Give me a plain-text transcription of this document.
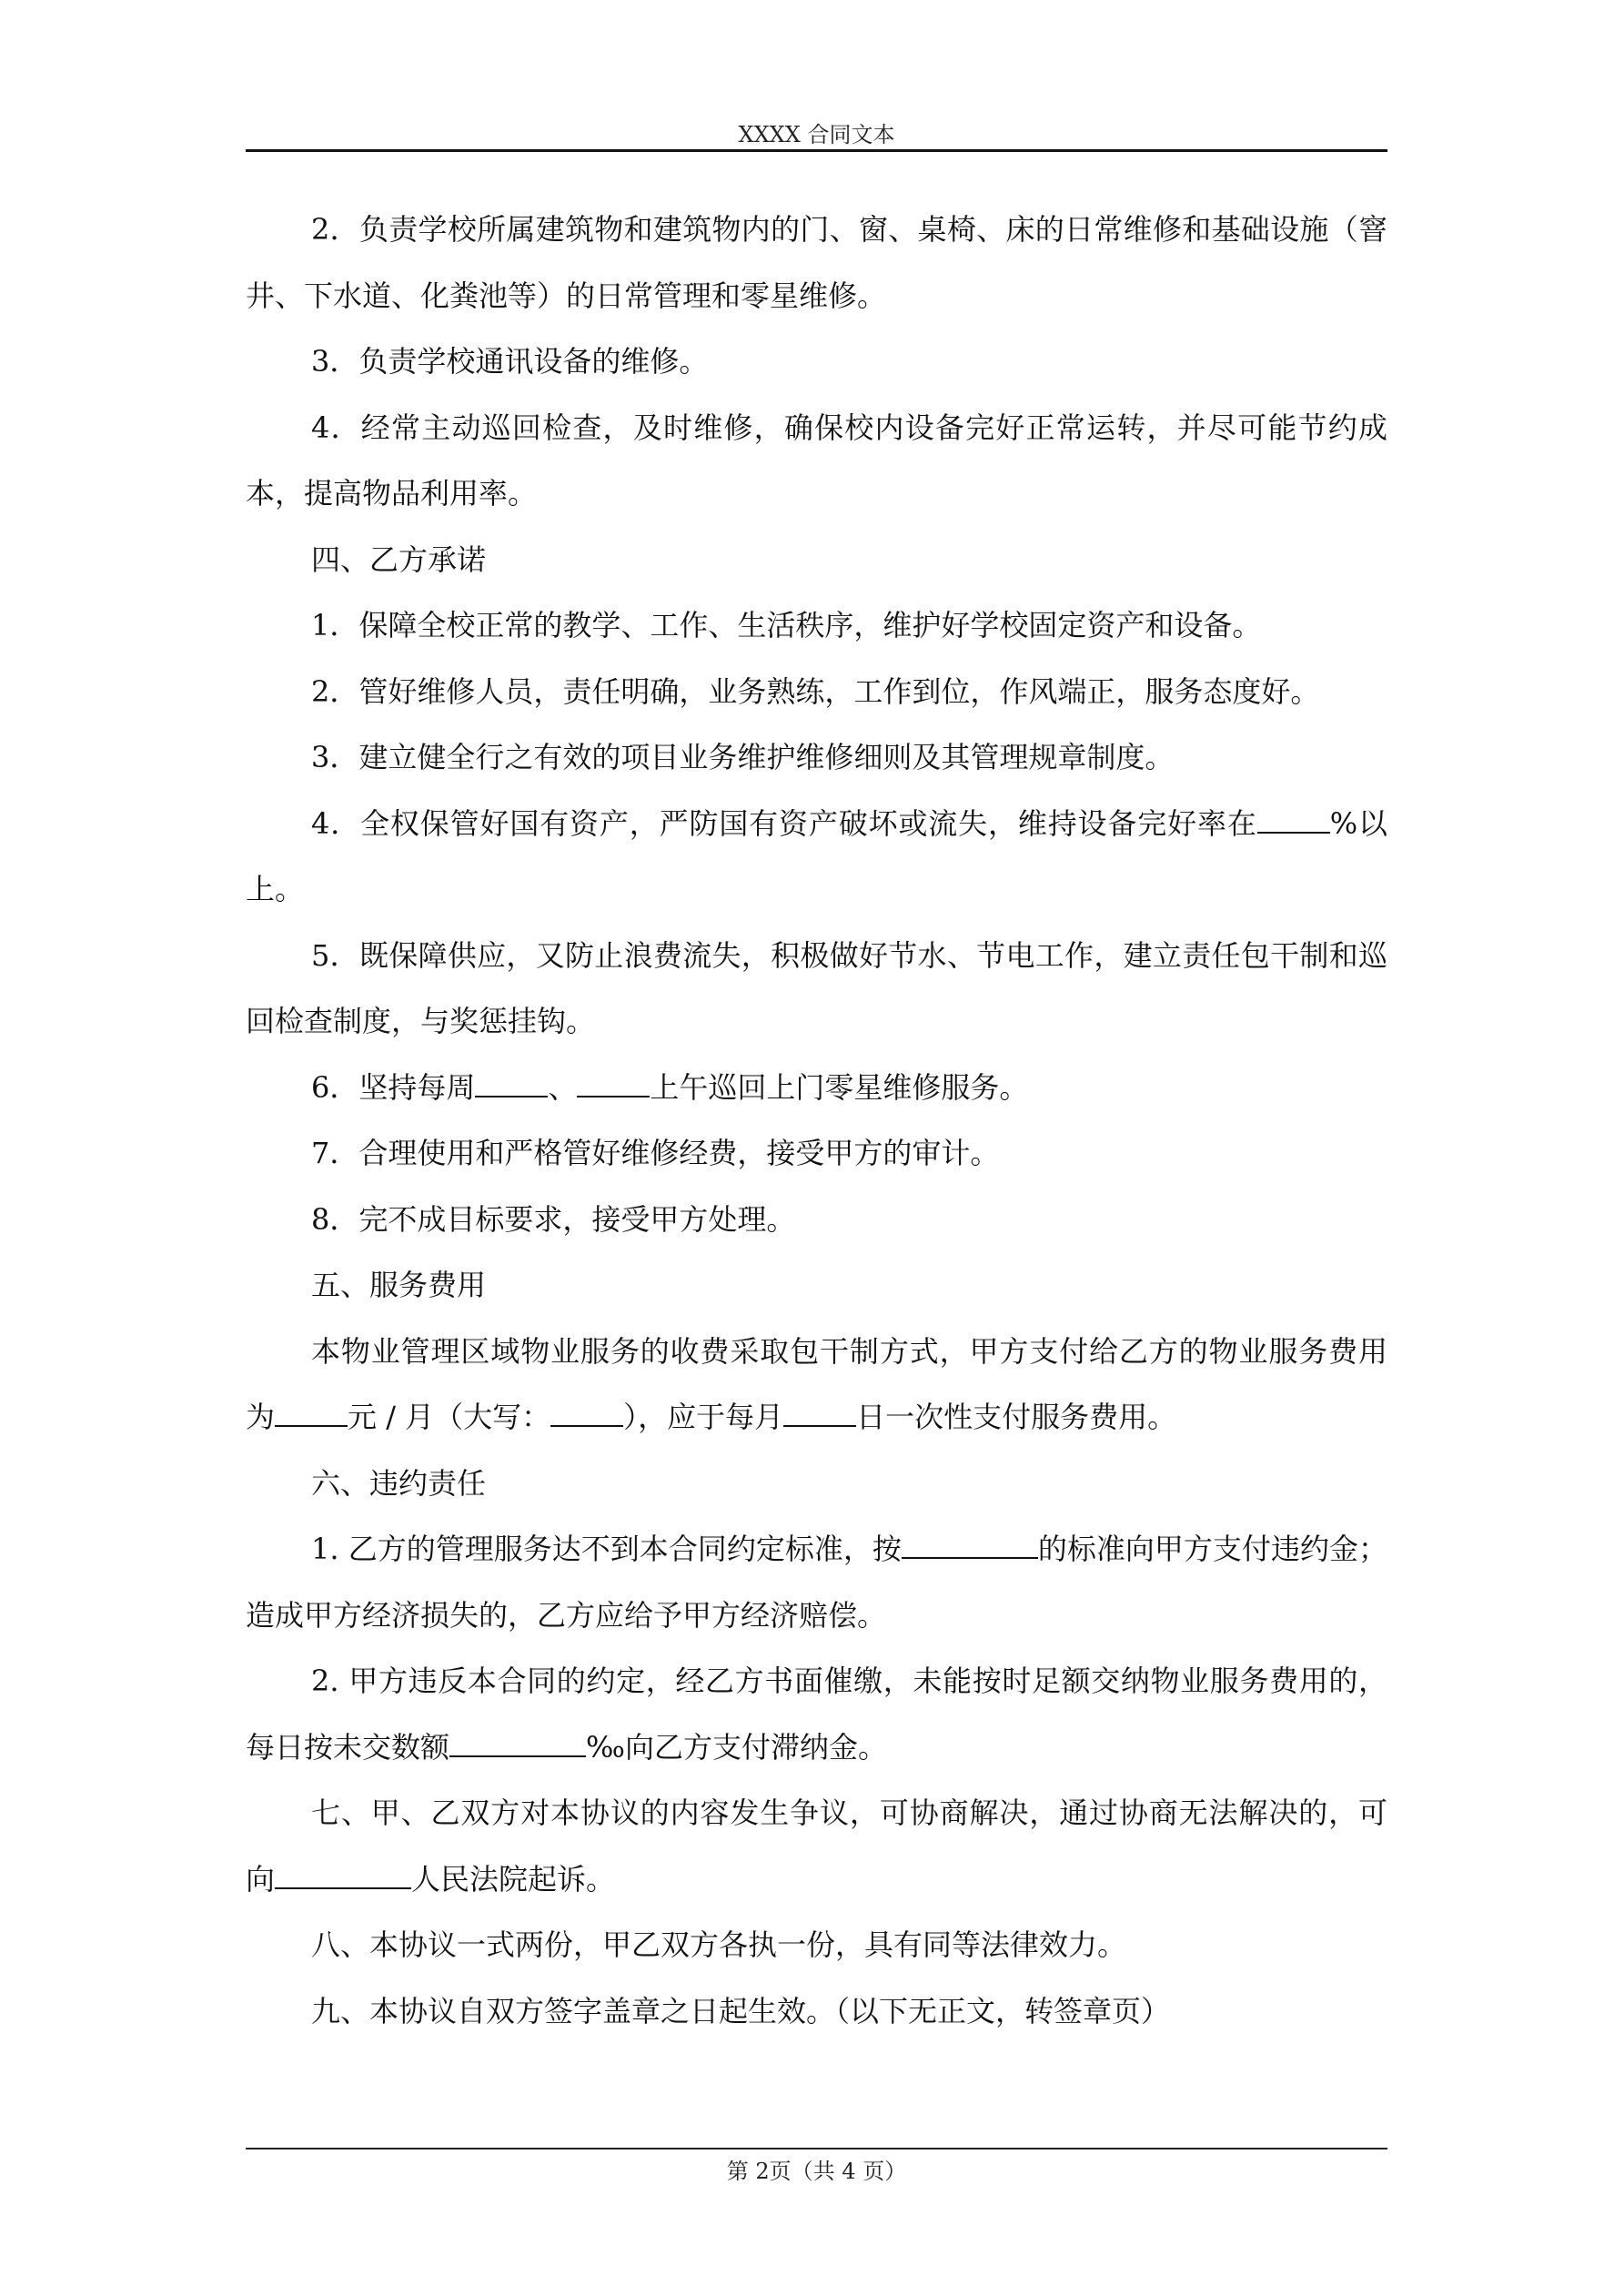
XXXX 合同文本

2．负责学校所属建筑物和建筑物内的门、窗、桌椅、床的日常维修和基础设施（窨井、下水道、化粪池等）的日常管理和零星维修。

3．负责学校通讯设备的维修。

4．经常主动巡回检查，及时维修，确保校内设备完好正常运转，并尽可能节约成本，提高物品利用率。

四、乙方承诺

1．保障全校正常的教学、工作、生活秩序，维护好学校固定资产和设备。

2．管好维修人员，责任明确，业务熟练，工作到位，作风端正，服务态度好。

3．建立健全行之有效的项目业务维护维修细则及其管理规章制度。

4．全权保管好国有资产，严防国有资产破坏或流失，维持设备完好率在	%以上。

5．既保障供应，又防止浪费流失，积极做好节水、节电工作，建立责任包干制和巡回检查制度，与奖惩挂钩。

6．坚持每周	、	上午巡回上门零星维修服务。

7．合理使用和严格管好维修经费，接受甲方的审计。

8．完不成目标要求，接受甲方处理。

五、服务费用

本物业管理区域物业服务的收费采取包干制方式，甲方支付给乙方的物业服务费用为	元 / 月（大写：	），应于每月	日一次性支付服务费用。

六、违约责任

1. 乙方的管理服务达不到本合同约定标准，按	的标准向甲方支付违约金；造成甲方经济损失的，乙方应给予甲方经济赔偿。

2. 甲方违反本合同的约定，经乙方书面催缴，未能按时足额交纳物业服务费用的，每日按未交数额	‰向乙方支付滞纳金。

七、甲、乙双方对本协议的内容发生争议，可协商解决，通过协商无法解决的，可向	人民法院起诉。

八、本协议一式两份，甲乙双方各执一份，具有同等法律效力。

九、本协议自双方签字盖章之日起生效。（以下无正文，转签章页）

第 2页（共 4 页）
